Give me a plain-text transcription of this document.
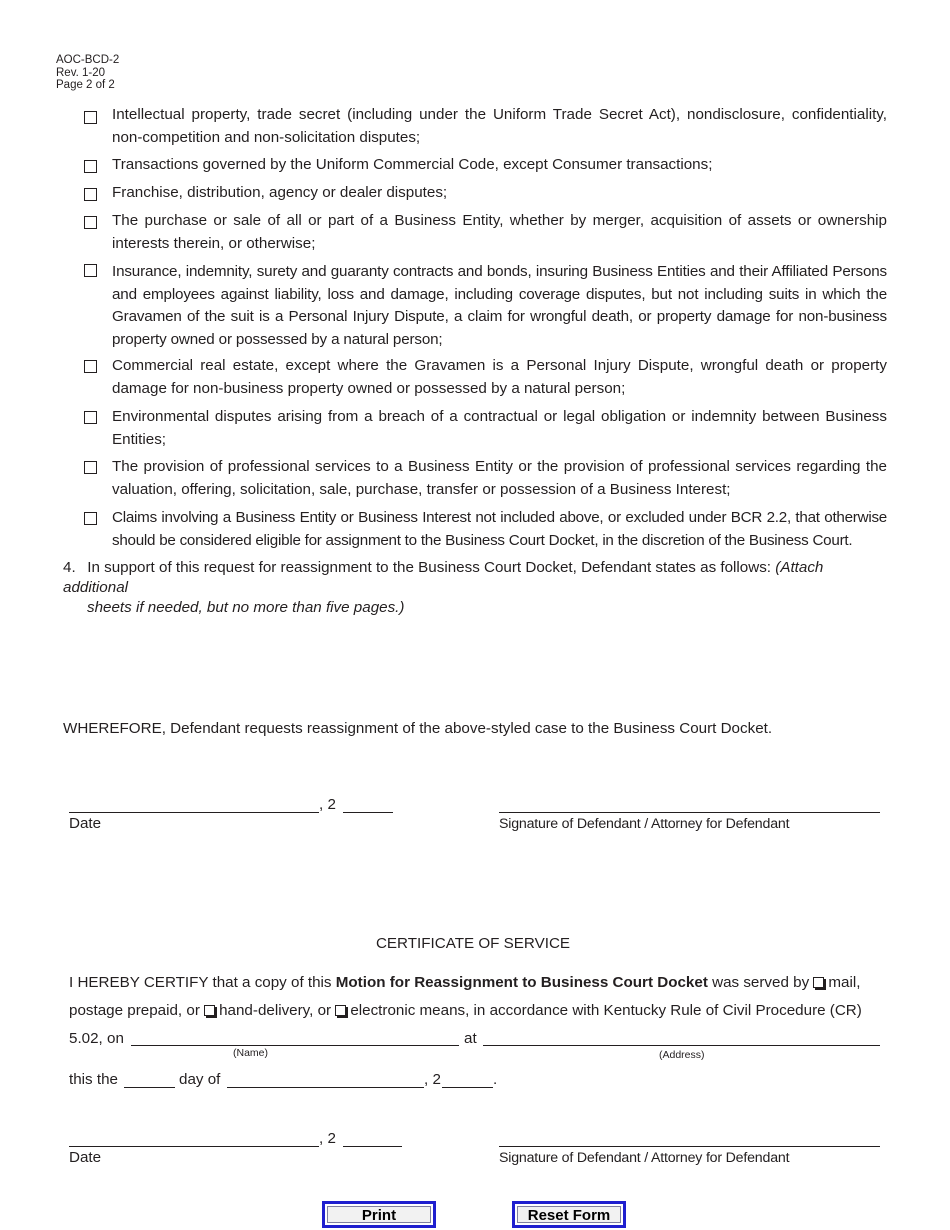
AOC-BCD-2
Rev. 1-20
Page 2 of 2
Intellectual property, trade secret (including under the Uniform Trade Secret Act), nondisclosure, confidentiality, non-competition and non-solicitation disputes;
Transactions governed by the Uniform Commercial Code, except Consumer transactions;
Franchise, distribution, agency or dealer disputes;
The purchase or sale of all or part of a Business Entity, whether by merger, acquisition of assets or ownership interests therein, or otherwise;
Insurance, indemnity, surety and guaranty contracts and bonds, insuring Business Entities and their Affiliated Persons and employees against liability, loss and damage, including coverage disputes, but not including suits in which the Gravamen of the suit is a Personal Injury Dispute, a claim for wrongful death, or property damage for non-business property owned or possessed by a natural person;
Commercial real estate, except where the Gravamen is a Personal Injury Dispute, wrongful death or property damage for non-business property owned or possessed by a natural person;
Environmental disputes arising from a breach of a contractual or legal obligation or indemnity between Business Entities;
The provision of professional services to a Business Entity or the provision of professional services regarding the valuation, offering, solicitation, sale, purchase, transfer or possession of a Business Interest;
Claims involving a Business Entity or Business Interest not included above, or excluded under BCR 2.2, that otherwise should be considered eligible for assignment to the Business Court Docket, in the discretion of the Business Court.
4. In support of this request for reassignment to the Business Court Docket, Defendant states as follows: (Attach additional
sheets if needed, but no more than five pages.)
WHEREFORE, Defendant requests reassignment of the above-styled case to the Business Court Docket.
, 2
Date	Signature of Defendant / Attorney for Defendant
CERTIFICATE OF SERVICE
I HEREBY CERTIFY that a copy of this Motion for Reassignment to Business Court Docket was served by mail,
postage prepaid, or hand-delivery, or electronic means, in accordance with Kentucky Rule of Civil Procedure (CR)
5.02, on
(Name)
at
(Address)
this the	day of	, 2	.
, 2
Date	Signature of Defendant / Attorney for Defendant
Print	Reset Form
